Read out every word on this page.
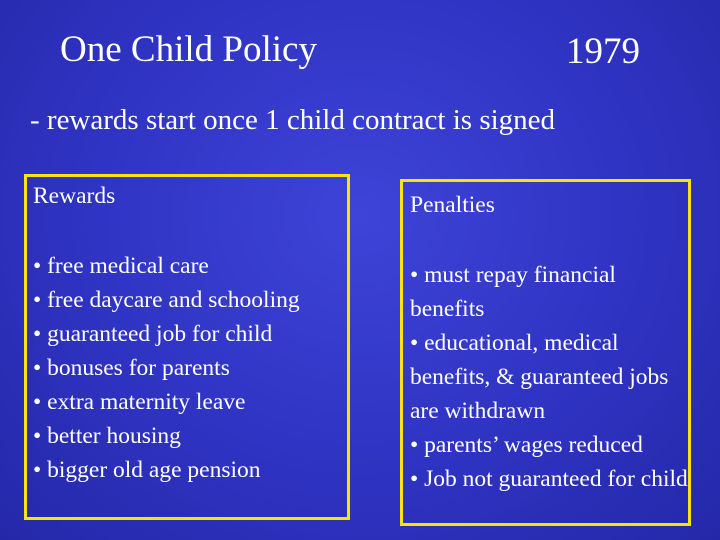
One Child Policy	1979
- rewards start once 1 child contract is signed
Rewards
• free medical care
• free daycare and schooling
• guaranteed job for child
• bonuses for parents
• extra maternity leave
• better housing
• bigger old age pension
Penalties
• must repay financial benefits
• educational, medical benefits, & guaranteed jobs are withdrawn
• parents’ wages reduced
• Job not guaranteed for child
